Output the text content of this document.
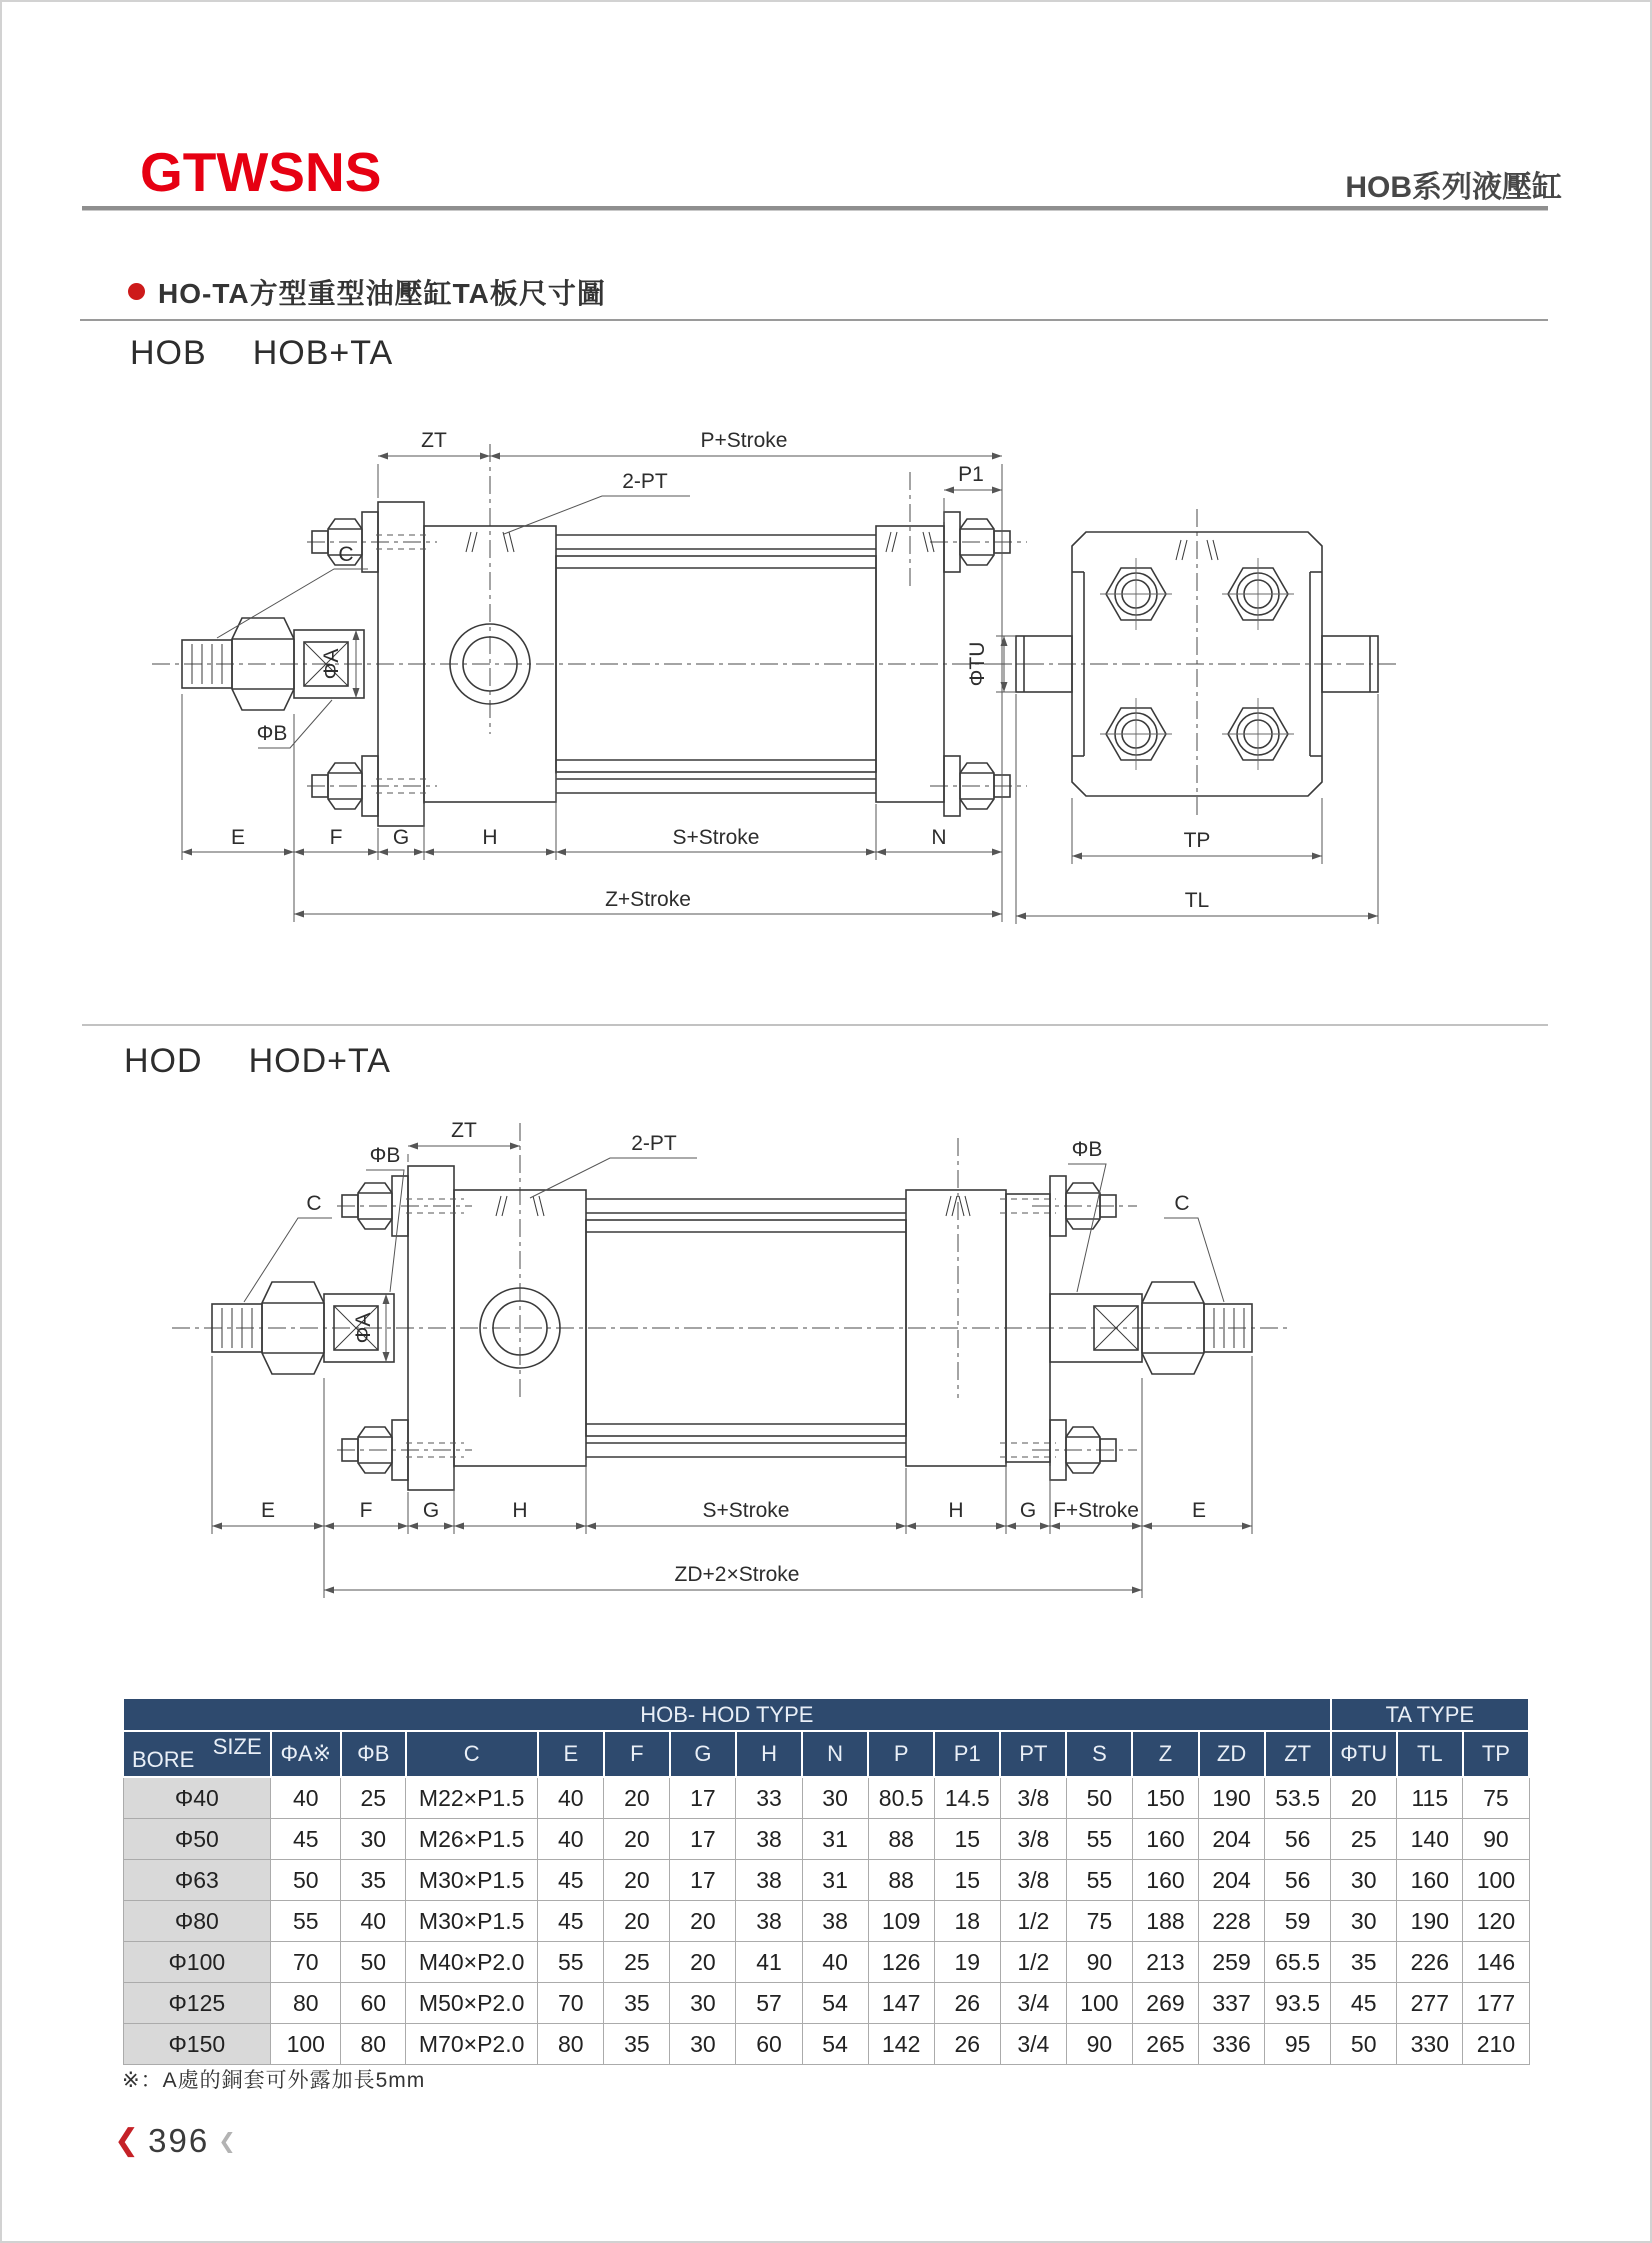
GTWSNS	HOB系列液壓缸
HO-TA方型重型油壓缸TA板尺寸圖
HOB HOB+TA
ZT	P+Stroke
P1
2-PT
C
ΦA
ΦB
E	F G	H	S+Stroke	N
Z+Stroke
ΦTU
TP
TL
HOD HOD+TA
ZT
2-PT
C
ΦB
ΦA
ΦB
C
E	F G	H	S+Stroke	H	G F+Stroke	E
ZD+2×Stroke
HOB- HOD TYPE																TA TYPE		

SIZE
BORE	ΦA※	ΦB	C	E	F	G	H	N	P	P1	PT	S	Z	ZD	ZT	ΦTU	TL	TP
Φ40	40	25	M22×P1.5	40	20	17	33	30	80.5	14.5	3/8	50	150	190	53.5	20	115	75
Φ50	45	30	M26×P1.5	40	20	17	38	31	88	15	3/8	55	160	204	56	25	140	90
Φ63	50	35	M30×P1.5	45	20	17	38	31	88	15	3/8	55	160	204	56	30	160	100
Φ80	55	40	M30×P1.5	45	20	20	38	38	109	18	1/2	75	188	228	59	30	190	120
Φ100	70	50	M40×P2.0	55	25	20	41	40	126	19	1/2	90	213	259	65.5	35	226	146
Φ125	80	60	M50×P2.0	70	35	30	57	54	147	26	3/4	100	269	337	93.5	45	277	177
Φ150	100	80	M70×P2.0	80	35	30	60	54	142	26	3/4	90	265	336	95	50	330	210
※：A處的銅套可外露加長5mm
❮ 396 ❮
